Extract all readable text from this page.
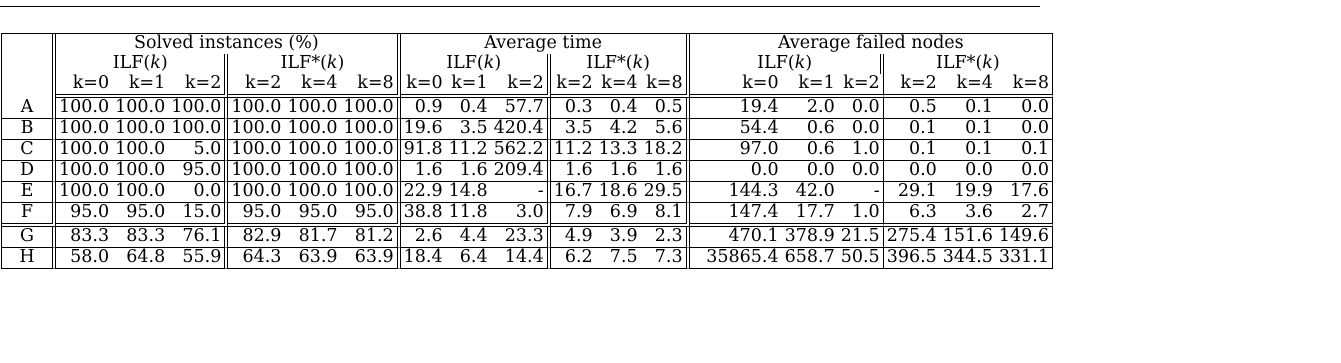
	Solved instances (%)						Average time						Average failed nodes					
	ILF(k)			ILF*(k)			ILF(k)			ILF*(k)			ILF(k)			ILF*(k)		
	k=0	k=1	k=2	k=2	k=4	k=8	k=0	k=1	k=2	k=2	k=4	k=8	k=0	k=1	k=2	k=2	k=4	k=8
A	100.0	100.0	100.0	100.0	100.0	100.0	0.9	0.4	57.7	0.3	0.4	0.5	19.4	2.0	0.0	0.5	0.1	0.0
B	100.0	100.0	100.0	100.0	100.0	100.0	19.6	3.5	420.4	3.5	4.2	5.6	54.4	0.6	0.0	0.1	0.1	0.0
C	100.0	100.0	5.0	100.0	100.0	100.0	91.8	11.2	562.2	11.2	13.3	18.2	97.0	0.6	1.0	0.1	0.1	0.1
D	100.0	100.0	95.0	100.0	100.0	100.0	1.6	1.6	209.4	1.6	1.6	1.6	0.0	0.0	0.0	0.0	0.0	0.0
E	100.0	100.0	0.0	100.0	100.0	100.0	22.9	14.8	-	16.7	18.6	29.5	144.3	42.0	-	29.1	19.9	17.6
F	95.0	95.0	15.0	95.0	95.0	95.0	38.8	11.8	3.0	7.9	6.9	8.1	147.4	17.7	1.0	6.3	3.6	2.7
G	83.3	83.3	76.1	82.9	81.7	81.2	2.6	4.4	23.3	4.9	3.9	2.3	470.1	378.9	21.5	275.4	151.6	149.6
H	58.0	64.8	55.9	64.3	63.9	63.9	18.4	6.4	14.4	6.2	7.5	7.3	35865.4	658.7	50.5	396.5	344.5	331.1
